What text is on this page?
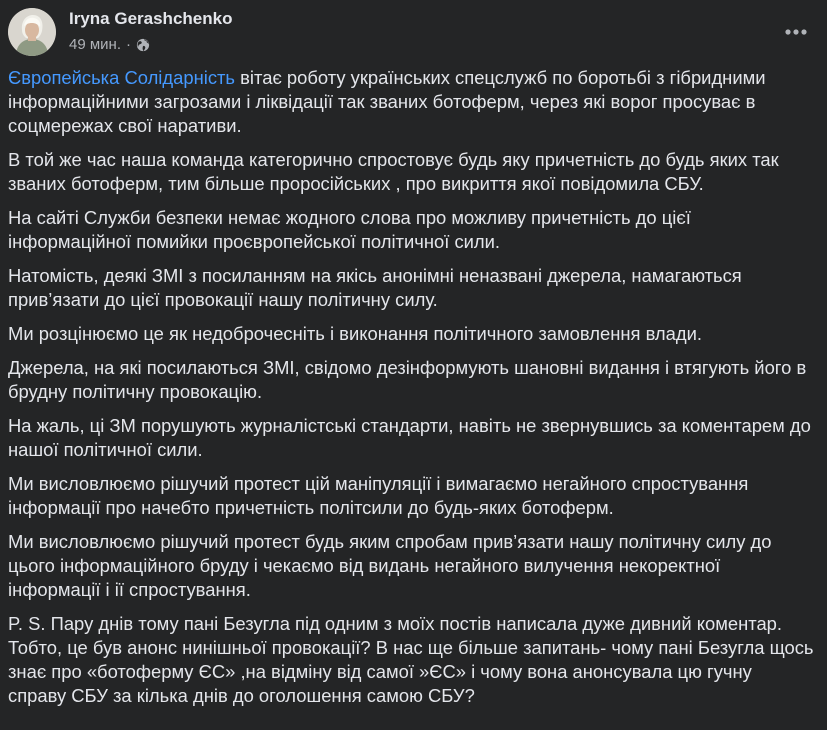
Iryna Gerashchenko
49 мин. ·

Європейська Солідарність вітає роботу українських спецслужб по боротьбі з гібридними інформаційними загрозами і ліквідації так званих ботоферм, через які ворог просуває в соцмережах свої наративи.

В той же час наша команда категорично спростовує будь яку причетність до будь яких так званих ботоферм, тим більше проросійських , про викриття якої повідомила СБУ.

На сайті Служби безпеки немає жодного слова про можливу причетність до цієї інформаційної помийки проєвропейської політичної сили.

Натомість, деякі ЗМІ з посиланням на якісь анонімні неназвані джерела, намагаються прив’язати до цієї провокації нашу політичну силу.

Ми розцінюємо це як недоброчесніть і виконання політичного замовлення влади.

Джерела, на які посилаються ЗМІ, свідомо дезінформують шановні видання і втягують його в брудну політичну провокацію.

На жаль, ці ЗМ порушують журналістські стандарти, навіть не звернувшись за коментарем до нашої політичної сили.

Ми висловлюємо рішучий протест цій маніпуляції і вимагаємо негайного спростування інформації про начебто причетність політсили до будь-яких ботоферм.

Ми висловлюємо рішучий протест будь яким спробам прив’язати нашу політичну силу до цього інформаційного бруду і чекаємо від видань негайного вилучення некоректної інформації і ії спростування.

P. S. Пару днів тому пані Безугла під одним з моїх постів написала дуже дивний коментар. Тобто, це був анонс нинішньої провокації? В нас ще більше запитань- чому пані Безугла щось знає про «ботоферму ЄС» ,на відміну від самої »ЄС» і чому вона анонсувала цю гучну справу СБУ за кілька днів до оголошення самою СБУ?
